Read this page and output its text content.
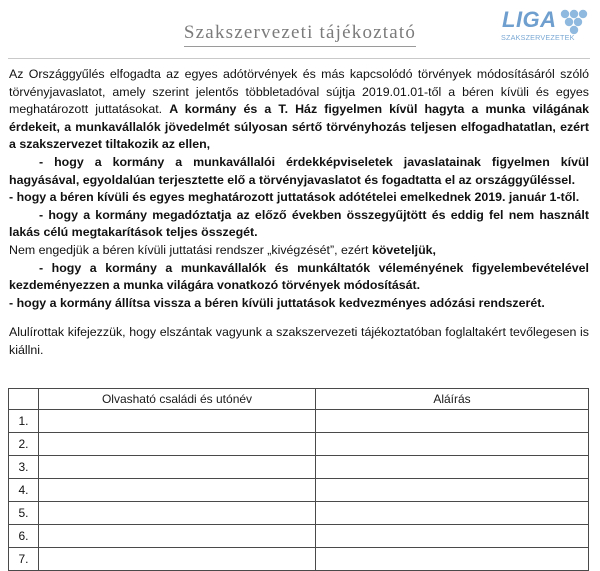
Szakszervezeti tájékoztató
LIGA
SZAKSZERVEZETEK

Az Országgyűlés elfogadta az egyes adótörvények és más kapcsolódó törvények módosításáról szóló törvényjavaslatot, amely szerint jelentős többletadóval sújtja 2019.01.01-től a béren kívüli és egyes meghatározott juttatásokat. A kormány és a T. Ház figyelmen kívül hagyta a munka világának érdekeit, a munkavállalók jövedelmét súlyosan sértő törvényhozás teljesen elfogadhatatlan, ezért a szakszervezet tiltakozik az ellen,

- hogy a kormány a munkavállalói érdekképviseletek javaslatainak figyelmen kívül hagyásával, egyoldalúan terjesztette elő a törvényjavaslatot és fogadtatta el az országgyűléssel.

- hogy a béren kívüli és egyes meghatározott juttatások adótételei emelkednek 2019. január 1-től.

- hogy a kormány megadóztatja az előző években összegyűjtött és eddig fel nem használt lakás célú megtakarítások teljes összegét.

Nem engedjük a béren kívüli juttatási rendszer „kivégzését”, ezért követeljük,

- hogy a kormány a munkavállalók és munkáltatók véleményének figyelembevételével kezdeményezzen a munka világára vonatkozó törvények módosítását.

- hogy a kormány állítsa vissza a béren kívüli juttatások kedvezményes adózási rendszerét.

Alulírottak kifejezzük, hogy elszántak vagyunk a szakszervezeti tájékoztatóban foglaltakért tevőlegesen is kiállni.

	Olvasható családi és utónév	Aláírás
1.		
2.		
3.		
4.		
5.		
6.		
7.		
